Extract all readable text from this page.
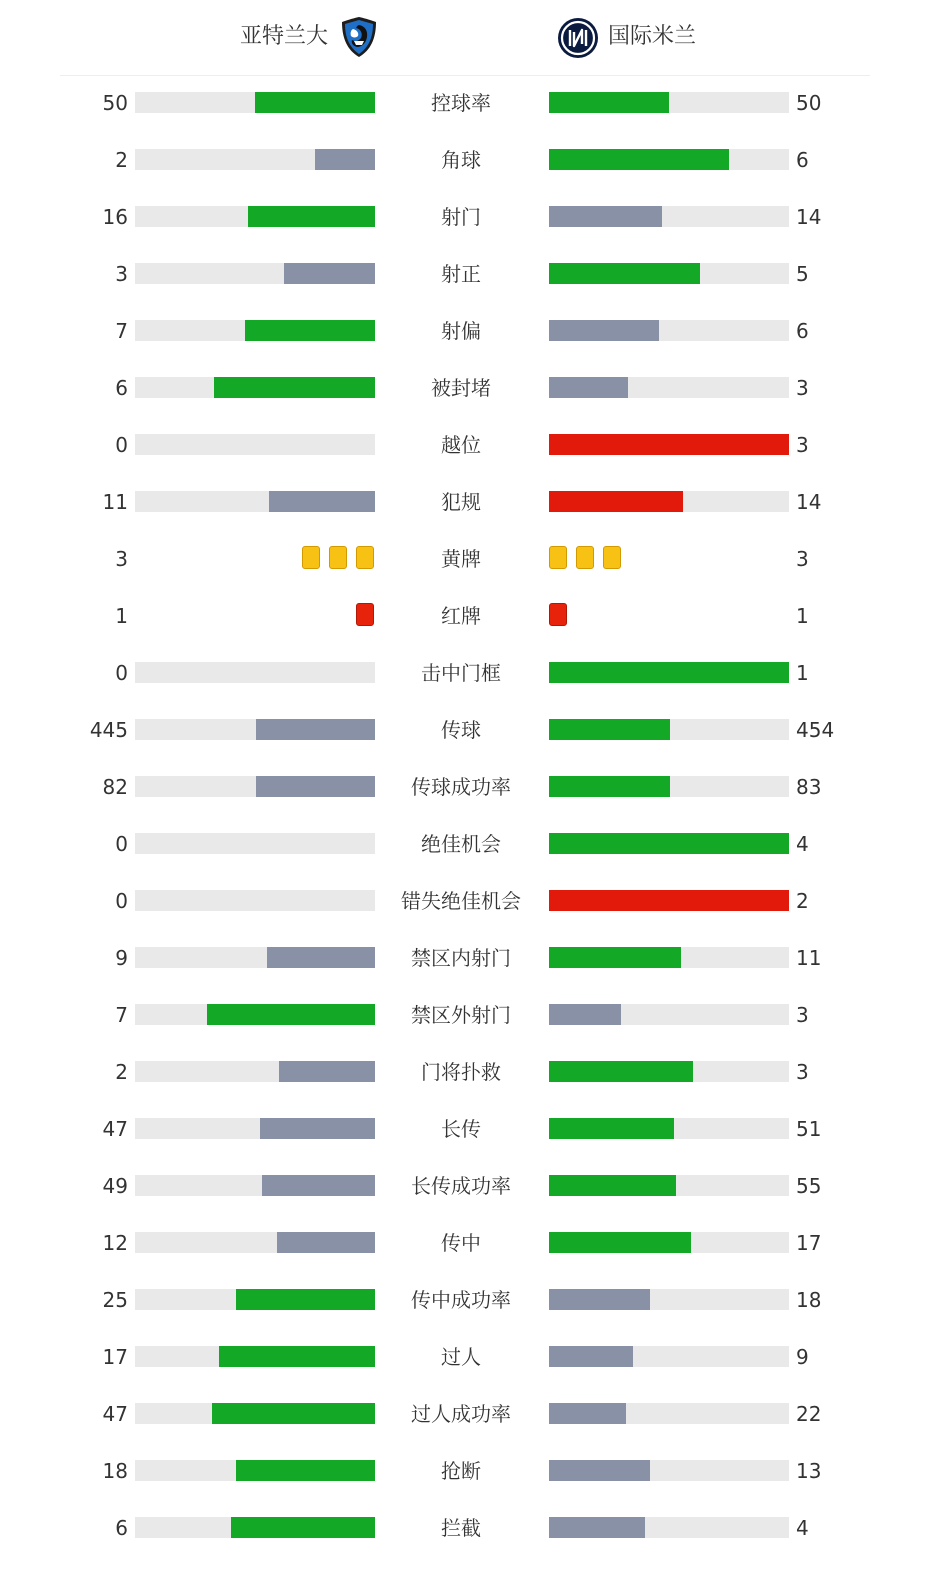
亚特兰大	国际米兰
50	控球率	50
2	角球	6
16	射门	14
3	射正	5
7	射偏	6
6	被封堵	3
0	越位	3
11	犯规	14
3	黄牌	3
1	红牌	1
0	击中门框	1
445	传球	454
82	传球成功率	83
0	绝佳机会	4
0	错失绝佳机会	2
9	禁区内射门	11
7	禁区外射门	3
2	门将扑救	3
47	长传	51
49	长传成功率	55
12	传中	17
25	传中成功率	18
17	过人	9
47	过人成功率	22
18	抢断	13
6	拦截	4
